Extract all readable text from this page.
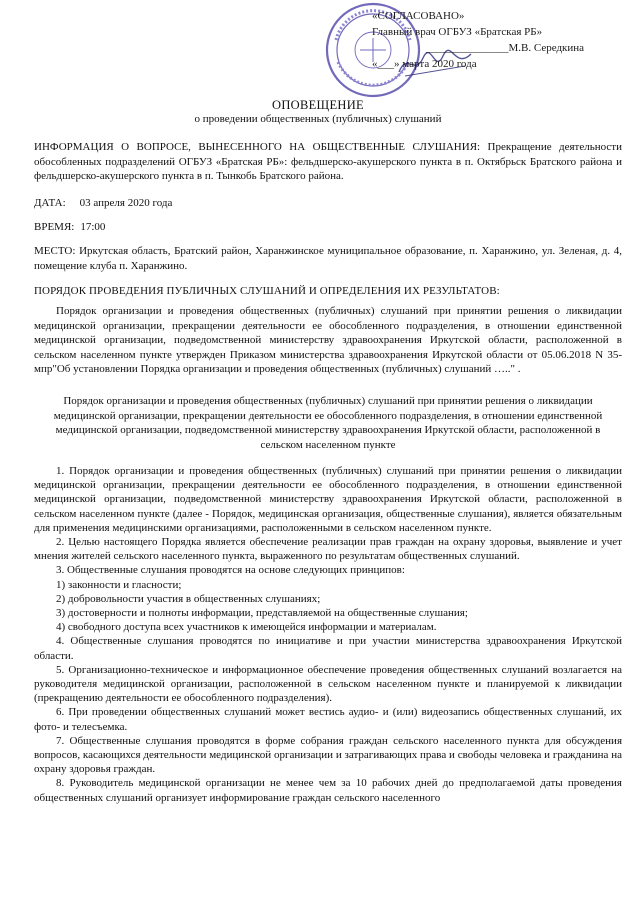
«СОГЛАСОВАНО»
Главный врач ОГБУЗ «Братская РБ»
_______________М.В. Середкина
«___» марта 2020 года
ОПОВЕЩЕНИЕ
о проведении общественных (публичных) слушаний
ИНФОРМАЦИЯ О ВОПРОСЕ, ВЫНЕСЕННОГО НА ОБЩЕСТВЕННЫЕ СЛУШАНИЯ: Прекращение деятельности обособленных подразделений ОГБУЗ «Братская РБ»: фельдшерско-акушерского пункта в п. Октябрьск Братского района и фельдшерско-акушерского пункта в п. Тынкобь Братского района.
ДАТА: 03 апреля 2020 года
ВРЕМЯ: 17:00
МЕСТО: Иркутская область, Братский район, Харанжинское муниципальное образование, п. Харанжино, ул. Зеленая, д. 4, помещение клуба п. Харанжино.
ПОРЯДОК ПРОВЕДЕНИЯ ПУБЛИЧНЫХ СЛУШАНИЙ И ОПРЕДЕЛЕНИЯ ИХ РЕЗУЛЬТАТОВ:
Порядок организации и проведения общественных (публичных) слушаний при принятии решения о ликвидации медицинской организации, прекращении деятельности ее обособленного подразделения, в отношении единственной медицинской организации, подведомственной министерству здравоохранения Иркутской области, расположенной в сельском населенном пункте утвержден Приказом министерства здравоохранения Иркутской области от 05.06.2018 N 35-мпр"Об установлении Порядка организации и проведения общественных (публичных) слушаний ….." .
Порядок организации и проведения общественных (публичных) слушаний при принятии решения о ликвидации медицинской организации, прекращении деятельности ее обособленного подразделения, в отношении единственной медицинской организации, подведомственной министерству здравоохранения Иркутской области, расположенной в сельском населенном пункте

1. Порядок организации и проведения общественных (публичных) слушаний при принятии решения о ликвидации медицинской организации, прекращении деятельности ее обособленного подразделения, в отношении единственной медицинской организации, подведомственной министерству здравоохранения Иркутской области, расположенной в сельском населенном пункте (далее - Порядок, медицинская организация, общественные слушания), является обязательным для применения медицинскими организациями, расположенными в сельском населенном пункте.

2. Целью настоящего Порядка является обеспечение реализации прав граждан на охрану здоровья, выявление и учет мнения жителей сельского населенного пункта, выраженного по результатам общественных слушаний.

3. Общественные слушания проводятся на основе следующих принципов:

1) законности и гласности;

2) добровольности участия в общественных слушаниях;

3) достоверности и полноты информации, представляемой на общественные слушания;

4) свободного доступа всех участников к имеющейся информации и материалам.

4. Общественные слушания проводятся по инициативе и при участии министерства здравоохранения Иркутской области.

5. Организационно-техническое и информационное обеспечение проведения общественных слушаний возлагается на руководителя медицинской организации, расположенной в сельском населенном пункте и планируемой к ликвидации (прекращению деятельности ее обособленного подразделения).

6. При проведении общественных слушаний может вестись аудио- и (или) видеозапись общественных слушаний, их фото- и телесъемка.

7. Общественные слушания проводятся в форме собрания граждан сельского населенного пункта для обсуждения вопросов, касающихся деятельности медицинской организации и затрагивающих права и свободы человека и гражданина на охрану здоровья граждан.

8. Руководитель медицинской организации не менее чем за 10 рабочих дней до предполагаемой даты проведения общественных слушаний организует информирование граждан сельского населенного
